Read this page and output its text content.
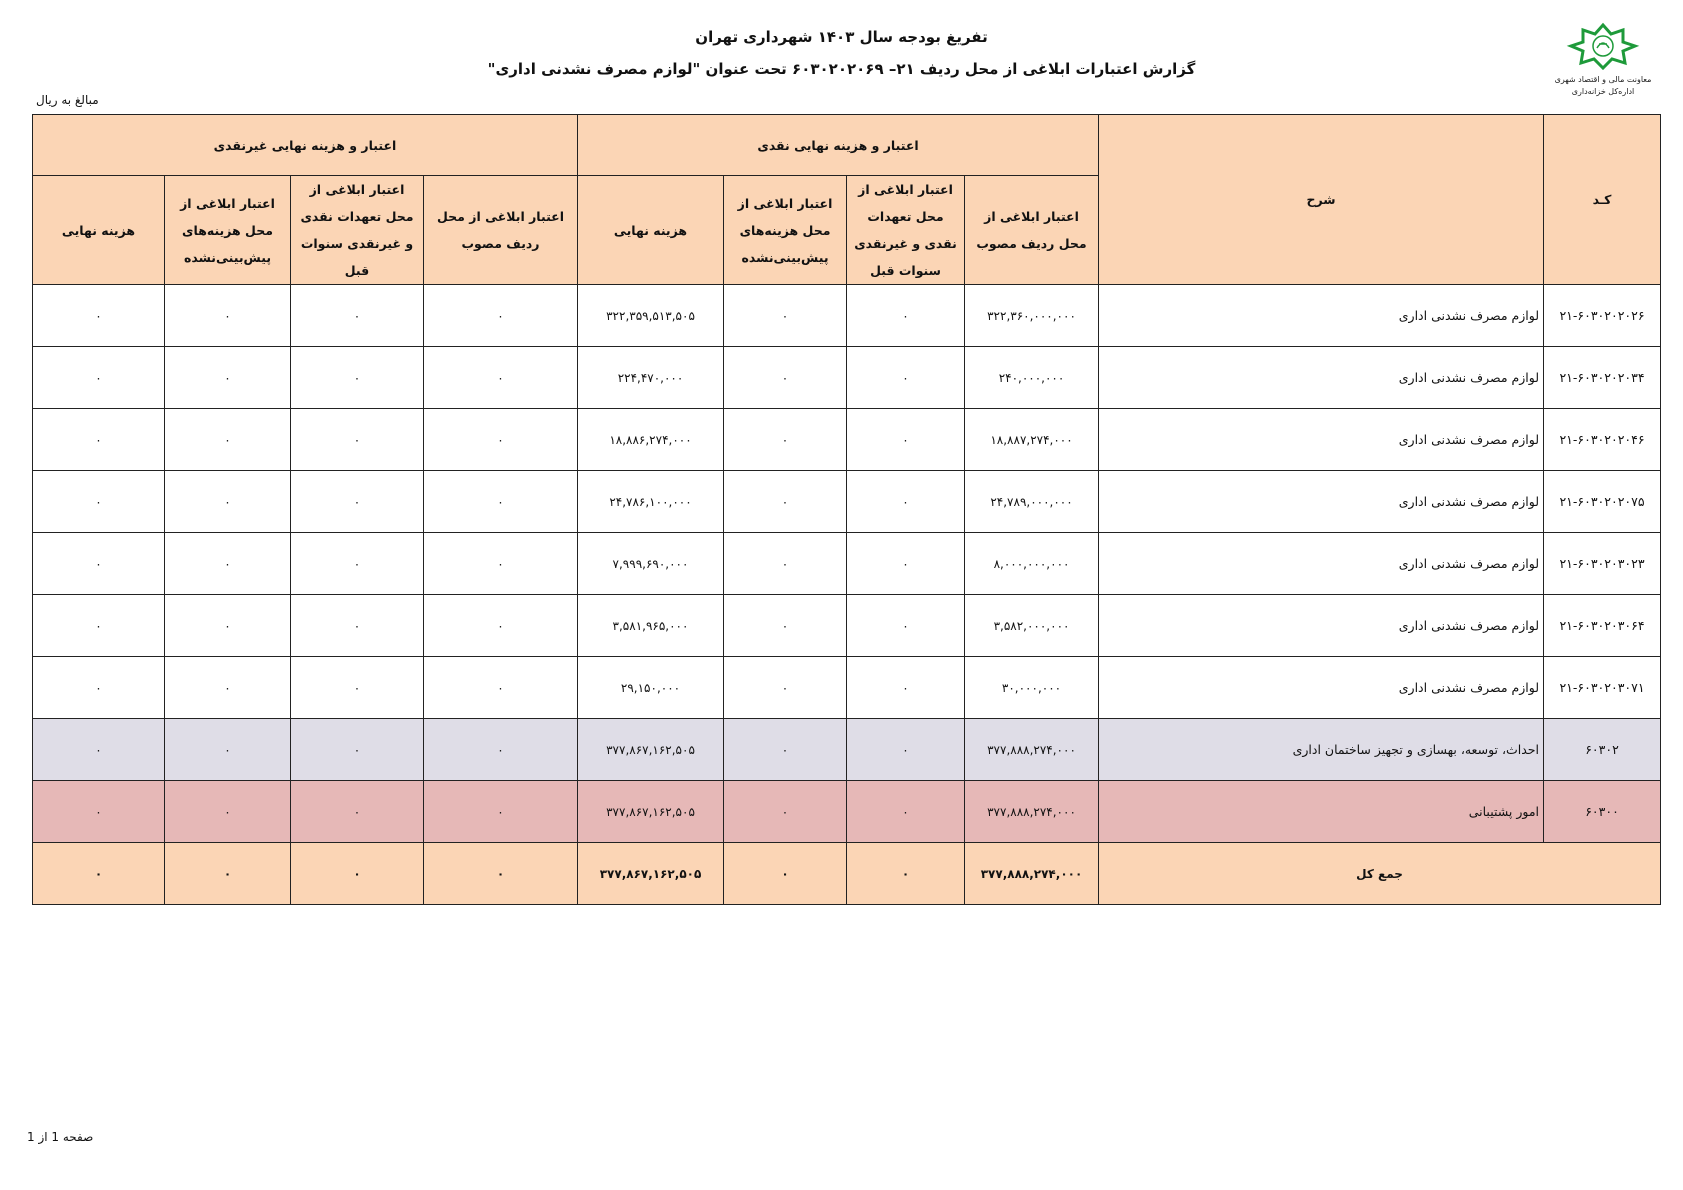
تفریغ بودجه سال ۱۴۰۳ شهرداری تهران
گزارش اعتبارات ابلاغی از محل ردیف ۲۱– ۶۰۳۰۲۰۲۰۶۹ تحت عنوان "لوازم مصرف نشدنی اداری"
معاونت مالی و اقتصاد شهری
اداره‌کل خزانه‌داری
مبالغ به ریال
کـد	شرح	اعتبار و هزینه نهایی نقدی				اعتبار و هزینه نهایی غیرنقدی			
		اعتبار ابلاغی از محل ردیف مصوب	اعتبار ابلاغی از محل تعهدات نقدی و غیرنقدی سنوات قبل	اعتبار ابلاغی از محل هزینه‌های پیش‌بینی‌نشده	هزینه نهایی	اعتبار ابلاغی از محل ردیف مصوب	اعتبار ابلاغی از محل تعهدات نقدی و غیرنقدی سنوات قبل	اعتبار ابلاغی از محل هزینه‌های پیش‌بینی‌نشده	هزینه نهایی
۲۱-۶۰۳۰۲۰۲۰۲۶	لوازم مصرف نشدنی اداری	۳۲۲,۳۶۰,۰۰۰,۰۰۰	۰	۰	۳۲۲,۳۵۹,۵۱۳,۵۰۵	۰	۰	۰	۰
۲۱-۶۰۳۰۲۰۲۰۳۴	لوازم مصرف نشدنی اداری	۲۴۰,۰۰۰,۰۰۰	۰	۰	۲۲۴,۴۷۰,۰۰۰	۰	۰	۰	۰
۲۱-۶۰۳۰۲۰۲۰۴۶	لوازم مصرف نشدنی اداری	۱۸,۸۸۷,۲۷۴,۰۰۰	۰	۰	۱۸,۸۸۶,۲۷۴,۰۰۰	۰	۰	۰	۰
۲۱-۶۰۳۰۲۰۲۰۷۵	لوازم مصرف نشدنی اداری	۲۴,۷۸۹,۰۰۰,۰۰۰	۰	۰	۲۴,۷۸۶,۱۰۰,۰۰۰	۰	۰	۰	۰
۲۱-۶۰۳۰۲۰۳۰۲۳	لوازم مصرف نشدنی اداری	۸,۰۰۰,۰۰۰,۰۰۰	۰	۰	۷,۹۹۹,۶۹۰,۰۰۰	۰	۰	۰	۰
۲۱-۶۰۳۰۲۰۳۰۶۴	لوازم مصرف نشدنی اداری	۳,۵۸۲,۰۰۰,۰۰۰	۰	۰	۳,۵۸۱,۹۶۵,۰۰۰	۰	۰	۰	۰
۲۱-۶۰۳۰۲۰۳۰۷۱	لوازم مصرف نشدنی اداری	۳۰,۰۰۰,۰۰۰	۰	۰	۲۹,۱۵۰,۰۰۰	۰	۰	۰	۰
۶۰۳۰۲	احداث، توسعه، بهسازی و تجهیز ساختمان اداری	۳۷۷,۸۸۸,۲۷۴,۰۰۰	۰	۰	۳۷۷,۸۶۷,۱۶۲,۵۰۵	۰	۰	۰	۰
۶۰۳۰۰	امور پشتیبانی	۳۷۷,۸۸۸,۲۷۴,۰۰۰	۰	۰	۳۷۷,۸۶۷,۱۶۲,۵۰۵	۰	۰	۰	۰
جمع کل		۳۷۷,۸۸۸,۲۷۴,۰۰۰	۰	۰	۳۷۷,۸۶۷,۱۶۲,۵۰۵	۰	۰	۰	۰
صفحه 1 از 1
